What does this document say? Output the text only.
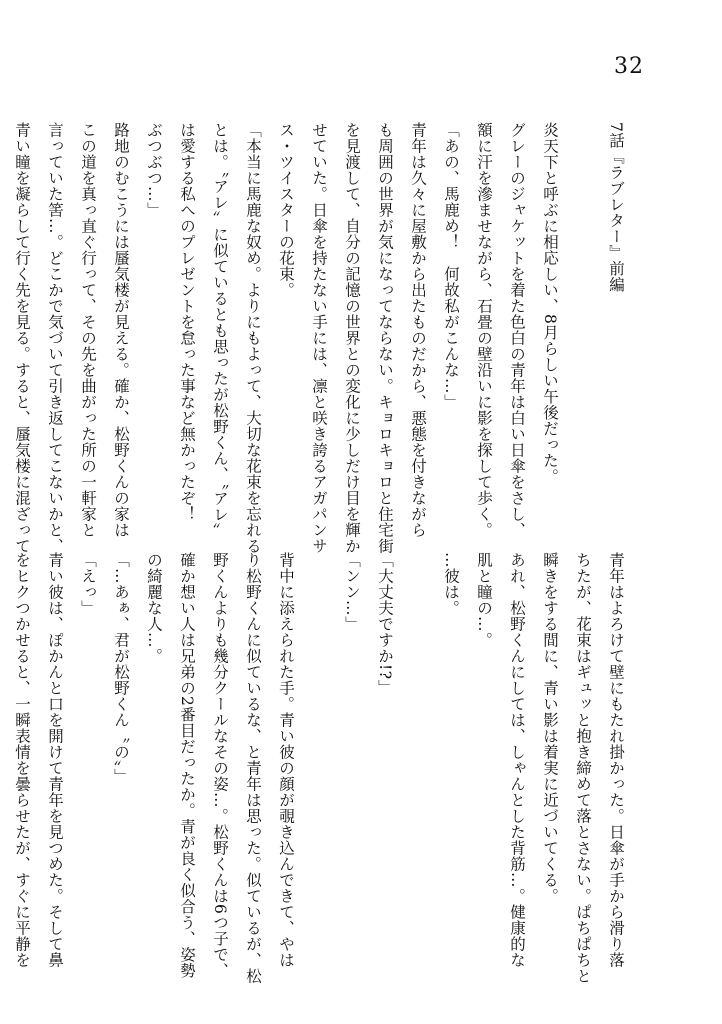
32
7話『ラブレター』前編
炎天下と呼ぶに相応しい、8月らしい午後だった。
グレーのジャケットを着た色白の青年は白い日傘をさし、
額に汗を滲ませながら、石畳の壁沿いに影を探して歩く。
「あの、馬鹿め！　何故私がこんな…」
青年は久々に屋敷から出たものだから、悪態を付きながら
も周囲の世界が気になってならない。キョロキョロと住宅街
を見渡して、自分の記憶の世界との変化に少しだけ目を輝か
せていた。日傘を持たない手には、凛と咲き誇るアガパンサ
ス・ツイスターの花束。
「本当に馬鹿な奴め。よりにもよって、大切な花束を忘れる
とは。〝アレ〟に似ているとも思ったが松野くん、〝アレ〟
は愛する私へのプレゼントを怠った事など無かったぞ！
ぶつぶつ…」
路地のむこうには蜃気楼が見える。確か、松野くんの家は
この道を真っ直ぐ行って、その先を曲がった所の一軒家と
言っていた筈…。どこかで気づいて引き返してこないかと、
青い瞳を凝らして行く先を見る。すると、蜃気楼に混ざって
青年はよろけて壁にもたれ掛かった。日傘が手から滑り落
ちたが、花束はギュッと抱き締めて落とさない。ぱちぱちと
瞬きをする間に、青い影は着実に近づいてくる。
あれ、松野くんにしては、しゃんとした背筋…。健康的な
肌と瞳の…。
…彼は。
「大丈夫ですか!?」
「ンン…」
背中に添えられた手。青い彼の顔が覗き込んできて、やは
り松野くんに似ているな、と青年は思った。似ているが、松
野くんよりも幾分クールなその姿…。松野くんは6つ子で、
確か想い人は兄弟の2番目だったか。青が良く似合う、姿勢
の綺麗な人…。
「…あぁ、君が松野くん〝の〟」
「えっ」
青い彼は、ぽかんと口を開けて青年を見つめた。そして鼻
をヒクつかせると、一瞬表情を曇らせたが、すぐに平静を
